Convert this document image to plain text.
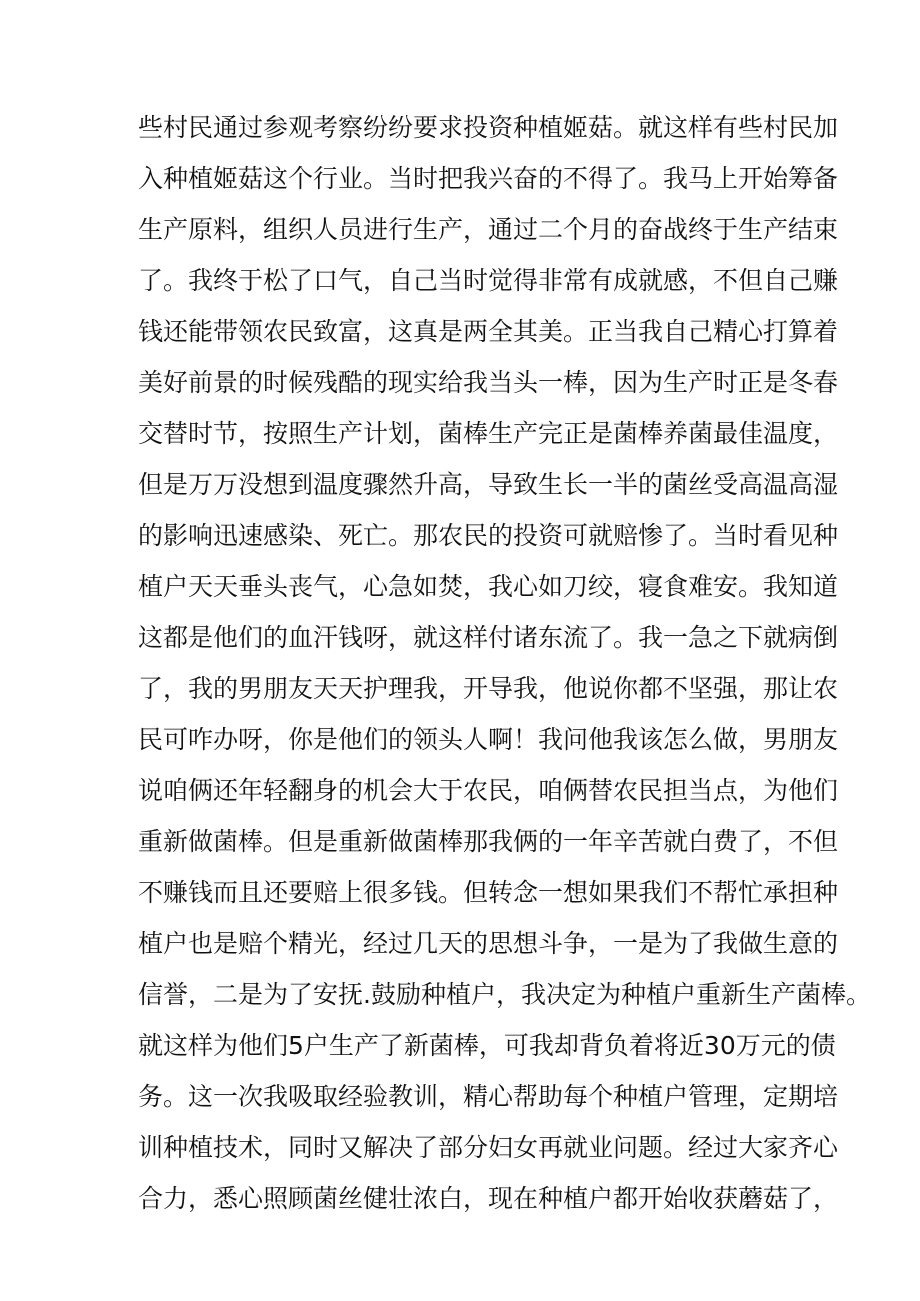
些村民通过参观考察纷纷要求投资种植姬菇。就这样有些村民加
入种植姬菇这个行业。当时把我兴奋的不得了。我马上开始筹备
生产原料，组织人员进行生产，通过二个月的奋战终于生产结束
了。我终于松了口气，自己当时觉得非常有成就感，不但自己赚
钱还能带领农民致富，这真是两全其美。正当我自己精心打算着
美好前景的时候残酷的现实给我当头一棒，因为生产时正是冬春
交替时节，按照生产计划，菌棒生产完正是菌棒养菌最佳温度，
但是万万没想到温度骤然升高，导致生长一半的菌丝受高温高湿
的影响迅速感染、死亡。那农民的投资可就赔惨了。当时看见种
植户天天垂头丧气，心急如焚，我心如刀绞，寝食难安。我知道
这都是他们的血汗钱呀，就这样付诸东流了。我一急之下就病倒
了，我的男朋友天天护理我，开导我，他说你都不坚强，那让农
民可咋办呀，你是他们的领头人啊！我问他我该怎么做，男朋友
说咱俩还年轻翻身的机会大于农民，咱俩替农民担当点，为他们
重新做菌棒。但是重新做菌棒那我俩的一年辛苦就白费了，不但
不赚钱而且还要赔上很多钱。但转念一想如果我们不帮忙承担种
植户也是赔个精光，经过几天的思想斗争，一是为了我做生意的
信誉，二是为了安抚.鼓励种植户，我决定为种植户重新生产菌棒。
就这样为他们5户生产了新菌棒，可我却背负着将近30万元的债
务。这一次我吸取经验教训，精心帮助每个种植户管理，定期培
训种植技术，同时又解决了部分妇女再就业问题。经过大家齐心
合力，悉心照顾菌丝健壮浓白，现在种植户都开始收获蘑菇了，
